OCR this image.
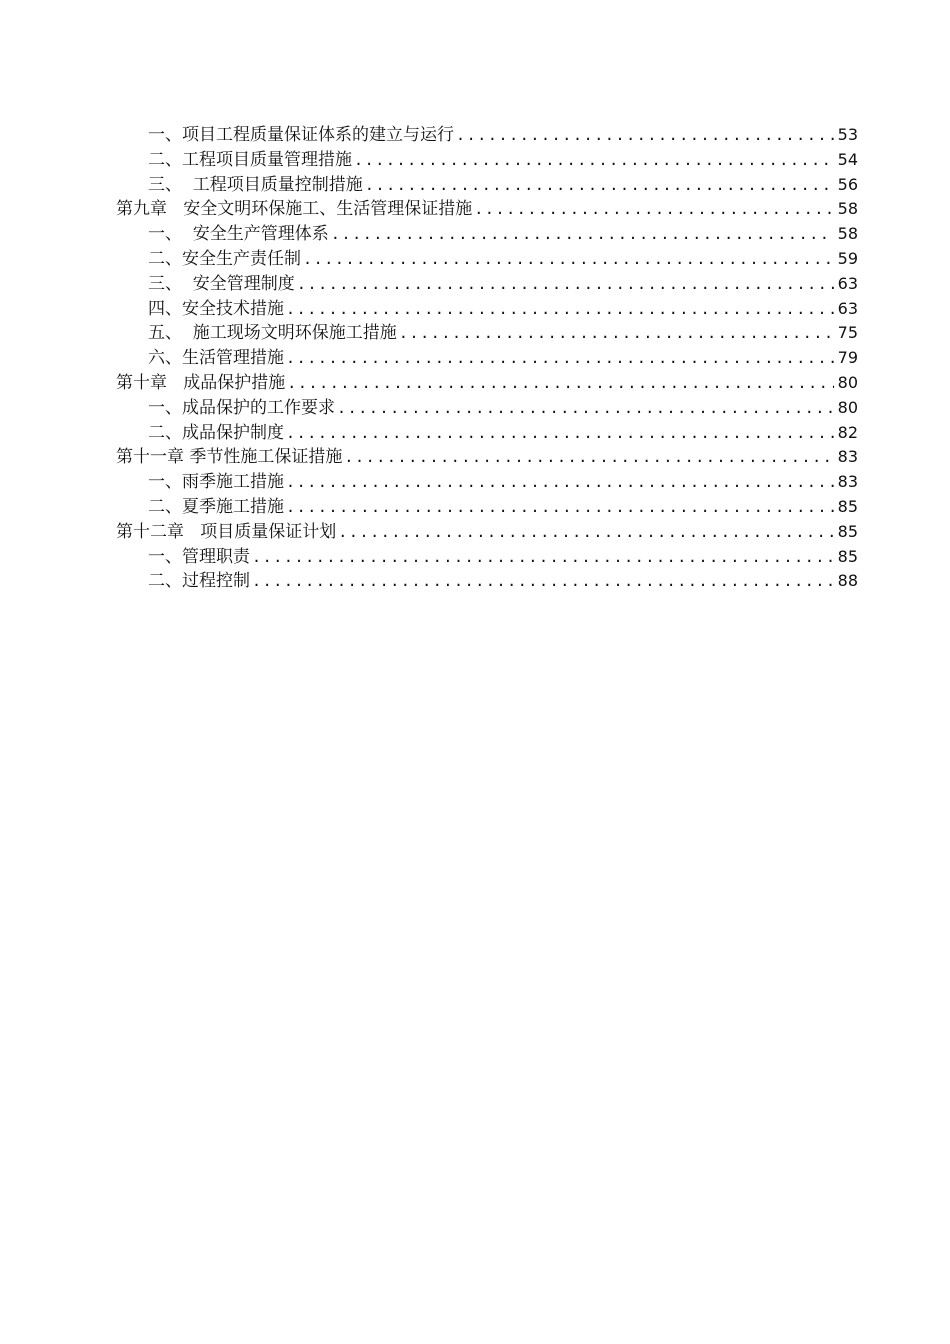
一、项目工程质量保证体系的建立与运行 .....	53
二、工程项目质量管理措施 .....	54
三、  工程项目质量控制措施 .....	56
第九章   安全文明环保施工、生活管理保证措施 .....	58
一、  安全生产管理体系 .....	58
二、安全生产责任制 .....	59
三、  安全管理制度 .....	63
四、安全技术措施 .....	63
五、  施工现场文明环保施工措施 .....	75
六、生活管理措施 .....	79
第十章   成品保护措施 .....	80
一、成品保护的工作要求 .....	80
二、成品保护制度 .....	82
第十一章 季节性施工保证措施 .....	83
一、雨季施工措施 .....	83
二、夏季施工措施 .....	85
第十二章   项目质量保证计划 .....	85
一、管理职责 .....	85
二、过程控制 .....	88
